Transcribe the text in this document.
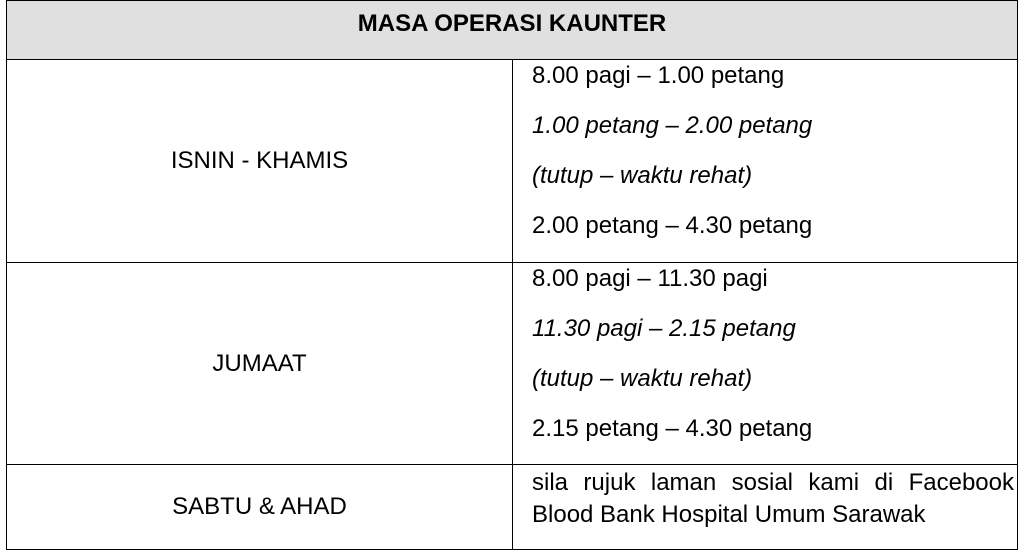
MASA OPERASI KAUNTER
ISNIN - KHAMIS
8.00 pagi – 1.00 petang
1.00 petang – 2.00 petang
(tutup – waktu rehat)
2.00 petang – 4.30 petang
JUMAAT
8.00 pagi – 11.30 pagi
11.30 pagi – 2.15 petang
(tutup – waktu rehat)
2.15 petang – 4.30 petang
SABTU & AHAD
sila rujuk laman sosial kami di Facebook Blood Bank Hospital Umum Sarawak
